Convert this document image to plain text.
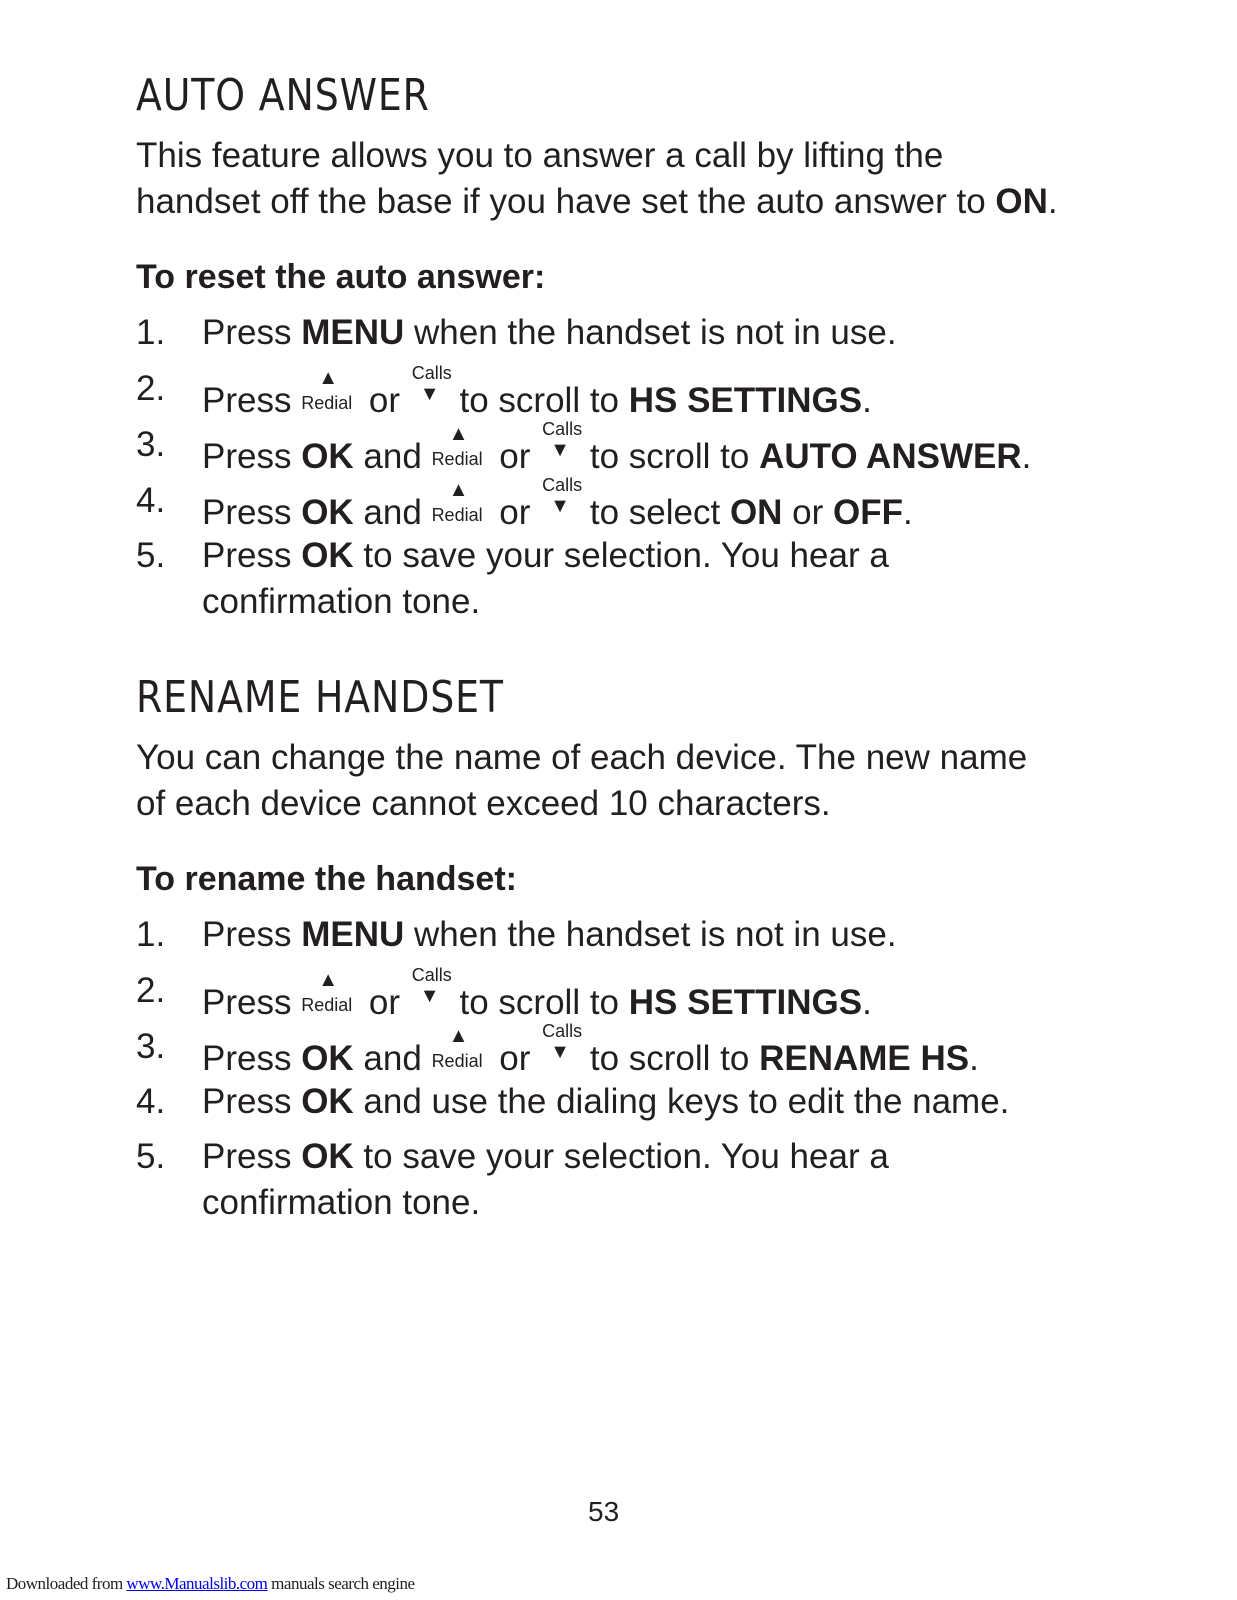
AUTO ANSWER

This feature allows you to answer a call by lifting the
handset off the base if you have set the auto answer to ON.

To reset the auto answer:
1. Press MENU when the handset is not in use.
2. Press
▲
Redial or
Calls
▼ to scroll to HS SETTINGS.
3. Press OK and
▲
Redial or
Calls
▼ to scroll to AUTO ANSWER.
4. Press OK and
▲
Redial or
Calls
▼ to select ON or OFF.
5. Press OK to save your selection. You hear a
confirmation tone.
RENAME HANDSET

You can change the name of each device. The new name
of each device cannot exceed 10 characters.

To rename the handset:
1. Press MENU when the handset is not in use.
2. Press
▲
Redial or
Calls
▼ to scroll to HS SETTINGS.
3. Press OK and
▲
Redial or
Calls
▼ to scroll to RENAME HS.
4. Press OK and use the dialing keys to edit the name.
5. Press OK to save your selection. You hear a
confirmation tone.
53
Downloaded from www.Manualslib.com manuals search engine
